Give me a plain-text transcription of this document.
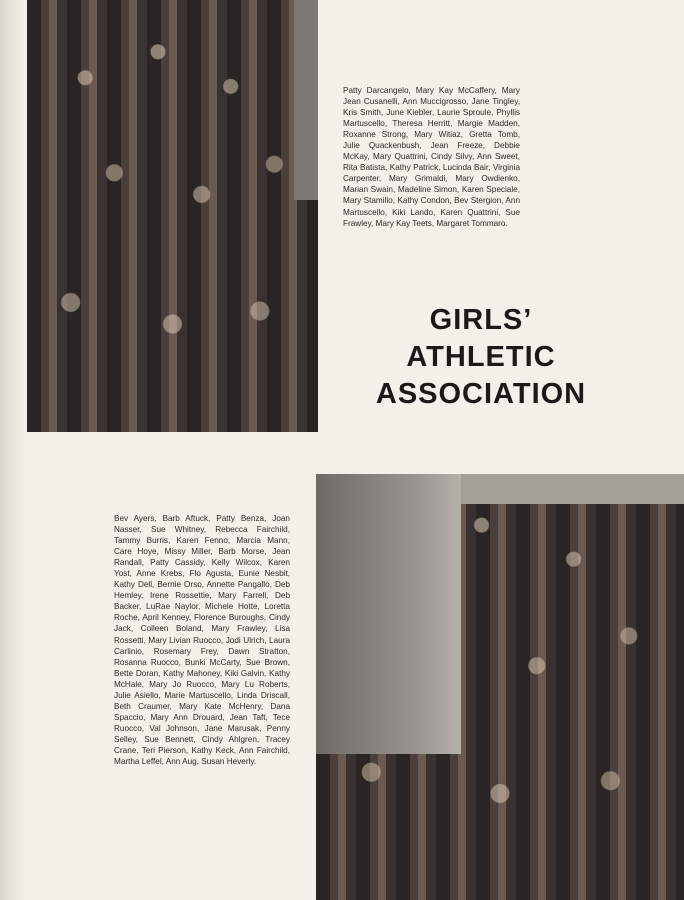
Patty Darcangelo, Mary Kay McCaffery, Mary Jean Cusanelli, Ann Muccigrosso, Jane Tingley, Kris Smith, June Kiebler, Laurie Sproule, Phyllis Martuscello, Theresa Herritt, Margie Madden, Roxanne Strong, Mary Witiaz, Gretta Tomb, Julie Quackenbush, Jean Freeze, Debbie McKay, Mary Quattrini, Cindy Silvy, Ann Sweet, Rita Batista, Kathy Patrick, Lucinda Bair, Virginia Carpenter, Mary Grimaldi, Mary Owdienko, Marian Swain, Madeline Simon, Karen Speciale, Mary Stamillo, Kathy Condon, Bev Stergion, Ann Martuscello, Kiki Lando, Karen Quattrini, Sue Frawley, Mary Kay Teets, Margaret Tommaro.

GIRLS’
ATHLETIC
ASSOCIATION

Bev Ayers, Barb Aftuck, Patty Benza, Joan Nasser, Sue Whitney, Rebecca Fairchild, Tammy Burris, Karen Fenno, Marcia Mann, Care Hoye, Missy Miller, Barb Morse, Jean Randall, Patty Cassidy, Kelly Wilcox, Karen Yost, Anne Krebs, Flo Agusta, Eunie Nesbit, Kathy Dell, Bernie Orso, Annette Pangallo, Deb Hemley, Irene Rossettie, Mary Farrell, Deb Backer, LuRae Naylor, Michele Hotte, Loretta Roche, April Kenney, Florence Buroughs, Cindy Jack, Colleen Boland, Mary Frawley, Lisa Rossetti, Mary Livian Ruocco, Jodi Ulrich, Laura Carlinio, Rosemary Frey, Dawn Stratton, Rosanna Ruocco, Bunki McCarty, Sue Brown, Bette Doran, Kathy Mahoney, Kiki Galvin, Kathy McHale, Mary Jo Ruocco, Mary Lu Roberts, Julie Asiello, Marie Martuscello, Linda Driscall, Beth Craumer, Mary Kate McHenry, Dana Spaccio, Mary Ann Drouard, Jean Taft, Tece Ruocco, Val Johnson, Jane Marusak, Penny Selley, Sue Bennett, Cindy Ahlgren, Tracey Crane, Teri Pierson, Kathy Keck, Ann Fairchild, Martha Leffel, Ann Aug, Susan Heverly.
